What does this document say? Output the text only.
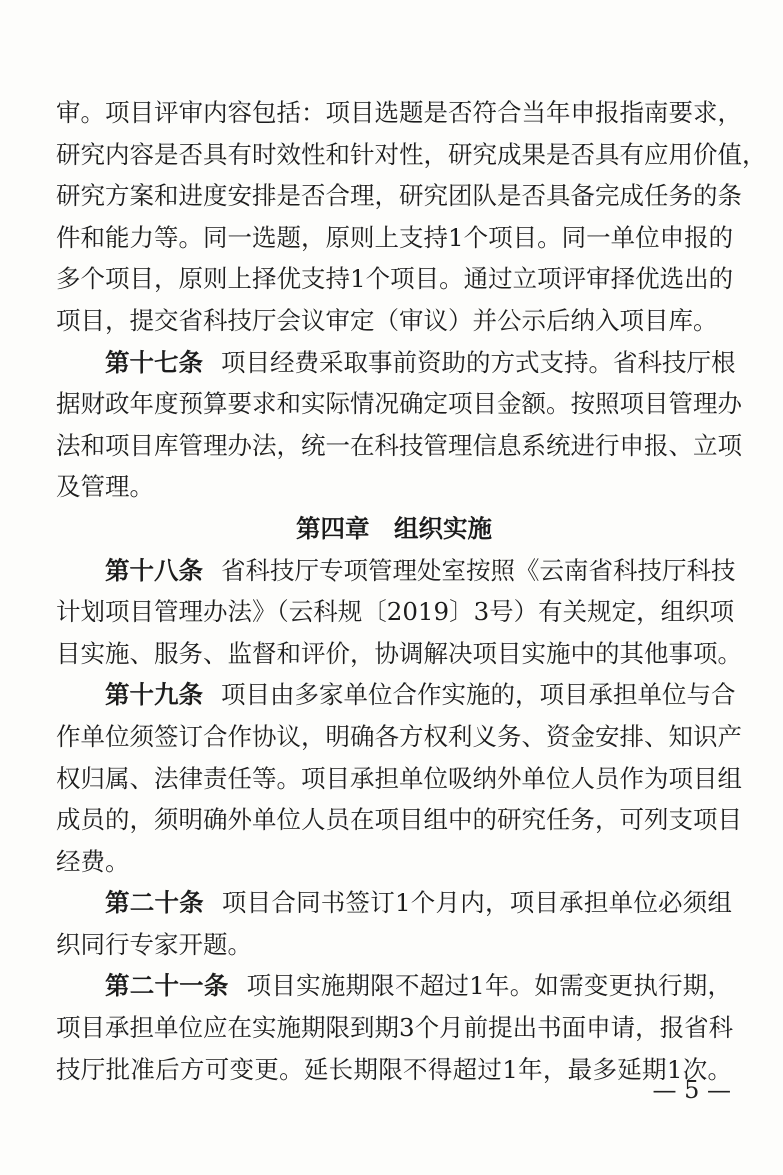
审。项目评审内容包括：项目选题是否符合当年申报指南要求，
研究内容是否具有时效性和针对性，研究成果是否具有应用价值，
研究方案和进度安排是否合理，研究团队是否具备完成任务的条
件和能力等。同一选题，原则上支持1个项目。同一单位申报的
多个项目，原则上择优支持1个项目。通过立项评审择优选出的
项目，提交省科技厅会议审定（审议）并公示后纳入项目库。
第十七条 项目经费采取事前资助的方式支持。省科技厅根
据财政年度预算要求和实际情况确定项目金额。按照项目管理办
法和项目库管理办法，统一在科技管理信息系统进行申报、立项
及管理。
第四章　组织实施
第十八条 省科技厅专项管理处室按照《云南省科技厅科技
计划项目管理办法》（云科规〔2019〕3号）有关规定，组织项
目实施、服务、监督和评价，协调解决项目实施中的其他事项。
第十九条 项目由多家单位合作实施的，项目承担单位与合
作单位须签订合作协议，明确各方权利义务、资金安排、知识产
权归属、法律责任等。项目承担单位吸纳外单位人员作为项目组
成员的，须明确外单位人员在项目组中的研究任务，可列支项目
经费。
第二十条 项目合同书签订1个月内，项目承担单位必须组
织同行专家开题。
第二十一条 项目实施期限不超过1年。如需变更执行期，
项目承担单位应在实施期限到期3个月前提出书面申请，报省科
技厅批准后方可变更。延长期限不得超过1年，最多延期1次。
— 5 —
